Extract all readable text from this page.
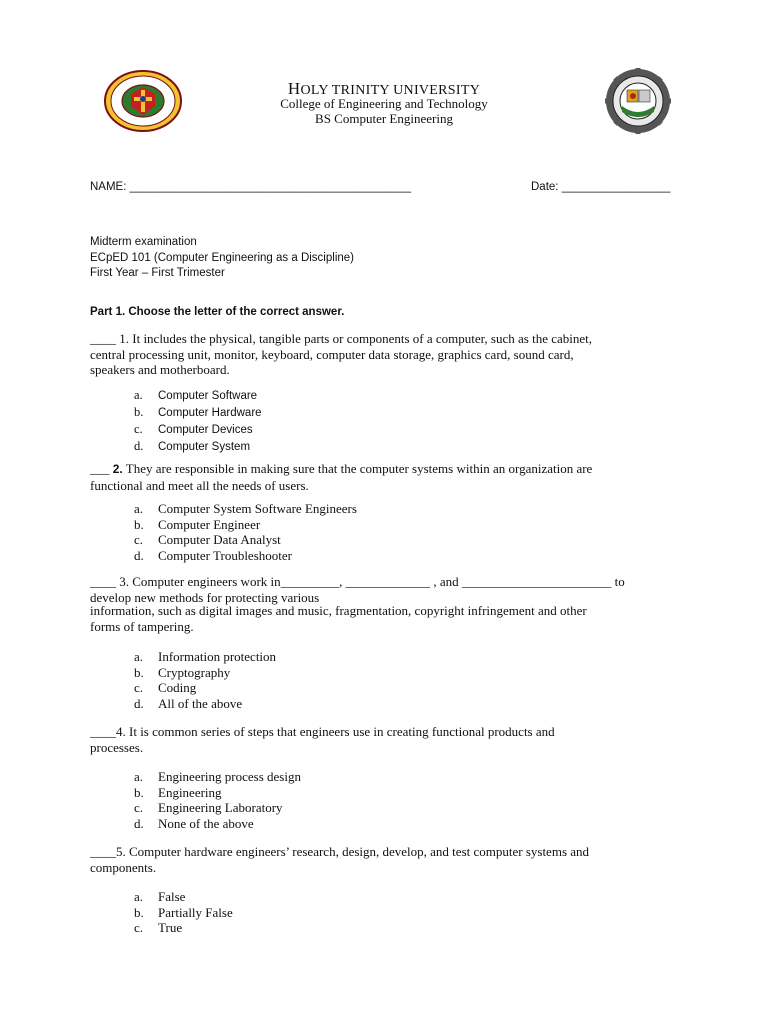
HOLY TRINITY UNIVERSITY
College of Engineering and Technology
BS Computer Engineering
NAME: ____________________________________________	Date: _________________
Midterm examination
ECpED 101 (Computer Engineering as a Discipline)
First Year – First Trimester
Part 1. Choose the letter of the correct answer.
____ 1. It includes the physical, tangible parts or components of a computer, such as the cabinet,
central processing unit, monitor, keyboard, computer data storage, graphics card, sound card,
speakers and motherboard.
a. Computer Software
b. Computer Hardware
c. Computer Devices
d. Computer System
___ 2. They are responsible in making sure that the computer systems within an organization are
functional and meet all the needs of users.
a. Computer System Software Engineers
b. Computer Engineer
c. Computer Data Analyst
d. Computer Troubleshooter
____ 3. Computer engineers work in_________, _____________ , and _______________________ to
develop new methods for protecting various
information, such as digital images and music, fragmentation, copyright infringement and other
forms of tampering.
a. Information protection
b. Cryptography
c. Coding
d. All of the above
____4. It is common series of steps that engineers use in creating functional products and
processes.
a. Engineering process design
b. Engineering
c. Engineering Laboratory
d. None of the above
____5. Computer hardware engineers’ research, design, develop, and test computer systems and
components.
a. False
b. Partially False
c. True
